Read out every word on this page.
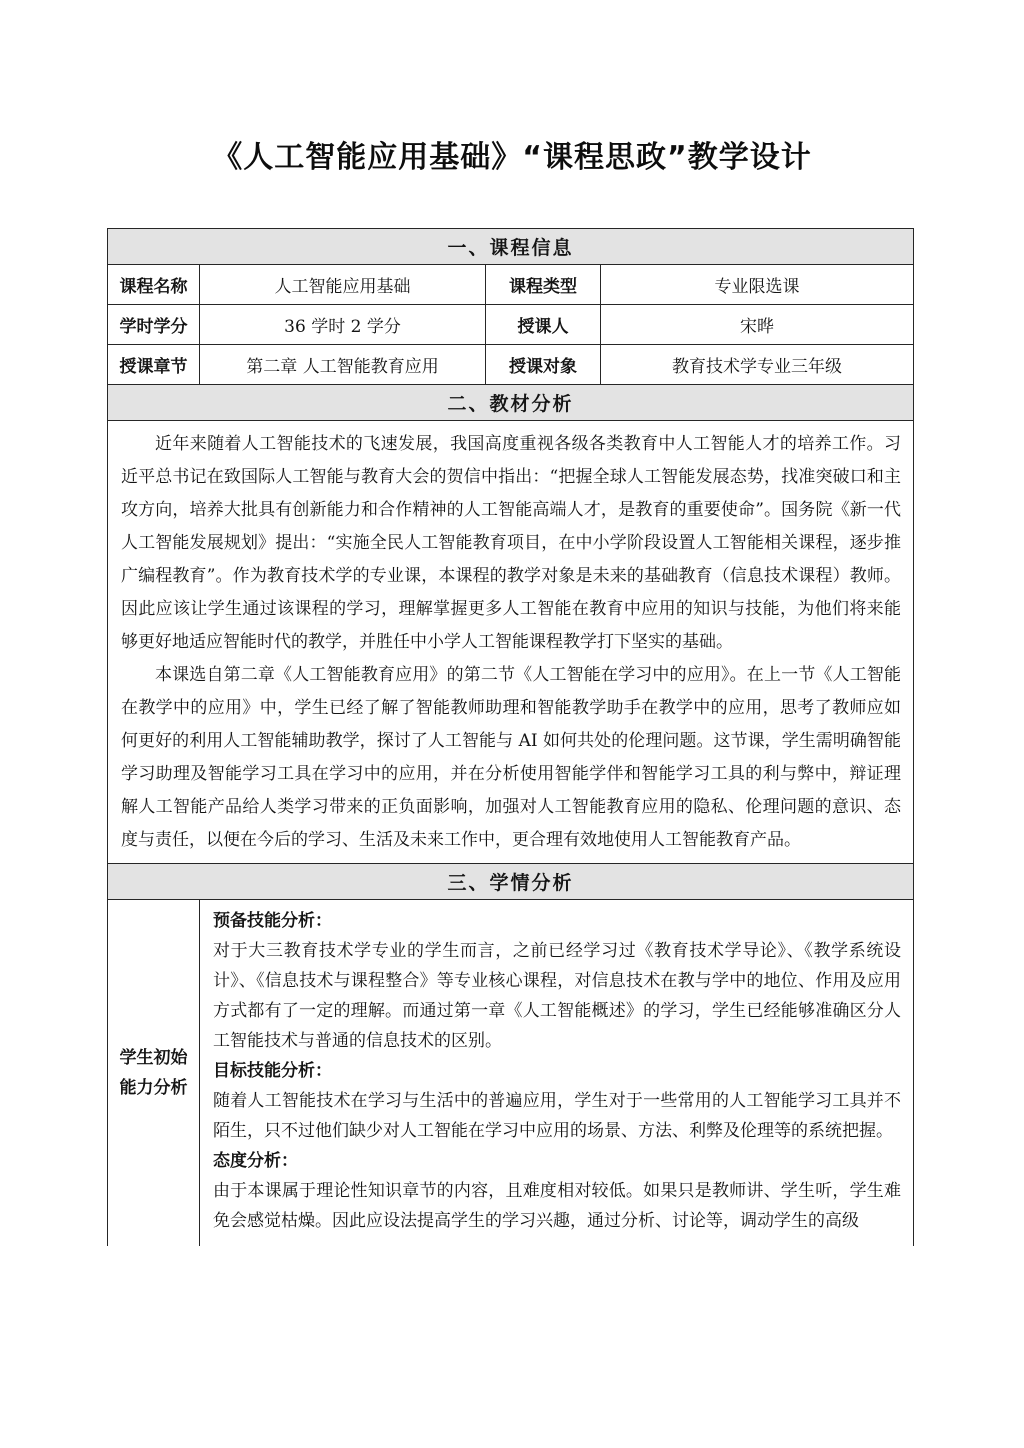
《人工智能应用基础》“课程思政”教学设计
一、课程信息			
课程名称	人工智能应用基础	课程类型	专业限选课
学时学分	36 学时 2 学分	授课人	宋晔
授课章节	第二章 人工智能教育应用	授课对象	教育技术学专业三年级
二、教材分析			

近年来随着人工智能技术的飞速发展，我国高度重视各级各类教育中人工智能人才的培养工作。习近平总书记在致国际人工智能与教育大会的贺信中指出：“把握全球人工智能发展态势，找准突破口和主攻方向，培养大批具有创新能力和合作精神的人工智能高端人才，是教育的重要使命”。国务院《新一代人工智能发展规划》提出：“实施全民人工智能教育项目，在中小学阶段设置人工智能相关课程，逐步推广编程教育”。作为教育技术学的专业课，本课程的教学对象是未来的基础教育（信息技术课程）教师。因此应该让学生通过该课程的学习，理解掌握更多人工智能在教育中应用的知识与技能，为他们将来能够更好地适应智能时代的教学，并胜任中小学人工智能课程教学打下坚实的基础。
本课选自第二章《人工智能教育应用》的第二节《人工智能在学习中的应用》。在上一节《人工智能在教学中的应用》中，学生已经了解了智能教师助理和智能教学助手在教学中的应用，思考了教师应如何更好的利用人工智能辅助教学，探讨了人工智能与 AI 如何共处的伦理问题。这节课，学生需明确智能学习助理及智能学习工具在学习中的应用，并在分析使用智能学伴和智能学习工具的利与弊中，辩证理解人工智能产品给人类学习带来的正负面影响，加强对人工智能教育应用的隐私、伦理问题的意识、态度与责任，以便在今后的学习、生活及未来工作中，更合理有效地使用人工智能教育产品。			

三、学情分析			
学生初始能力分析	
预备技能分析：
对于大三教育技术学专业的学生而言，之前已经学习过《教育技术学导论》、《教学系统设计》、《信息技术与课程整合》等专业核心课程，对信息技术在教与学中的地位、作用及应用方式都有了一定的理解。而通过第一章《人工智能概述》的学习，学生已经能够准确区分人工智能技术与普通的信息技术的区别。
目标技能分析：
随着人工智能技术在学习与生活中的普遍应用，学生对于一些常用的人工智能学习工具并不陌生，只不过他们缺少对人工智能在学习中应用的场景、方法、利弊及伦理等的系统把握。
态度分析：
由于本课属于理论性知识章节的内容，且难度相对较低。如果只是教师讲、学生听，学生难免会感觉枯燥。因此应设法提高学生的学习兴趣，通过分析、讨论等，调动学生的高级
